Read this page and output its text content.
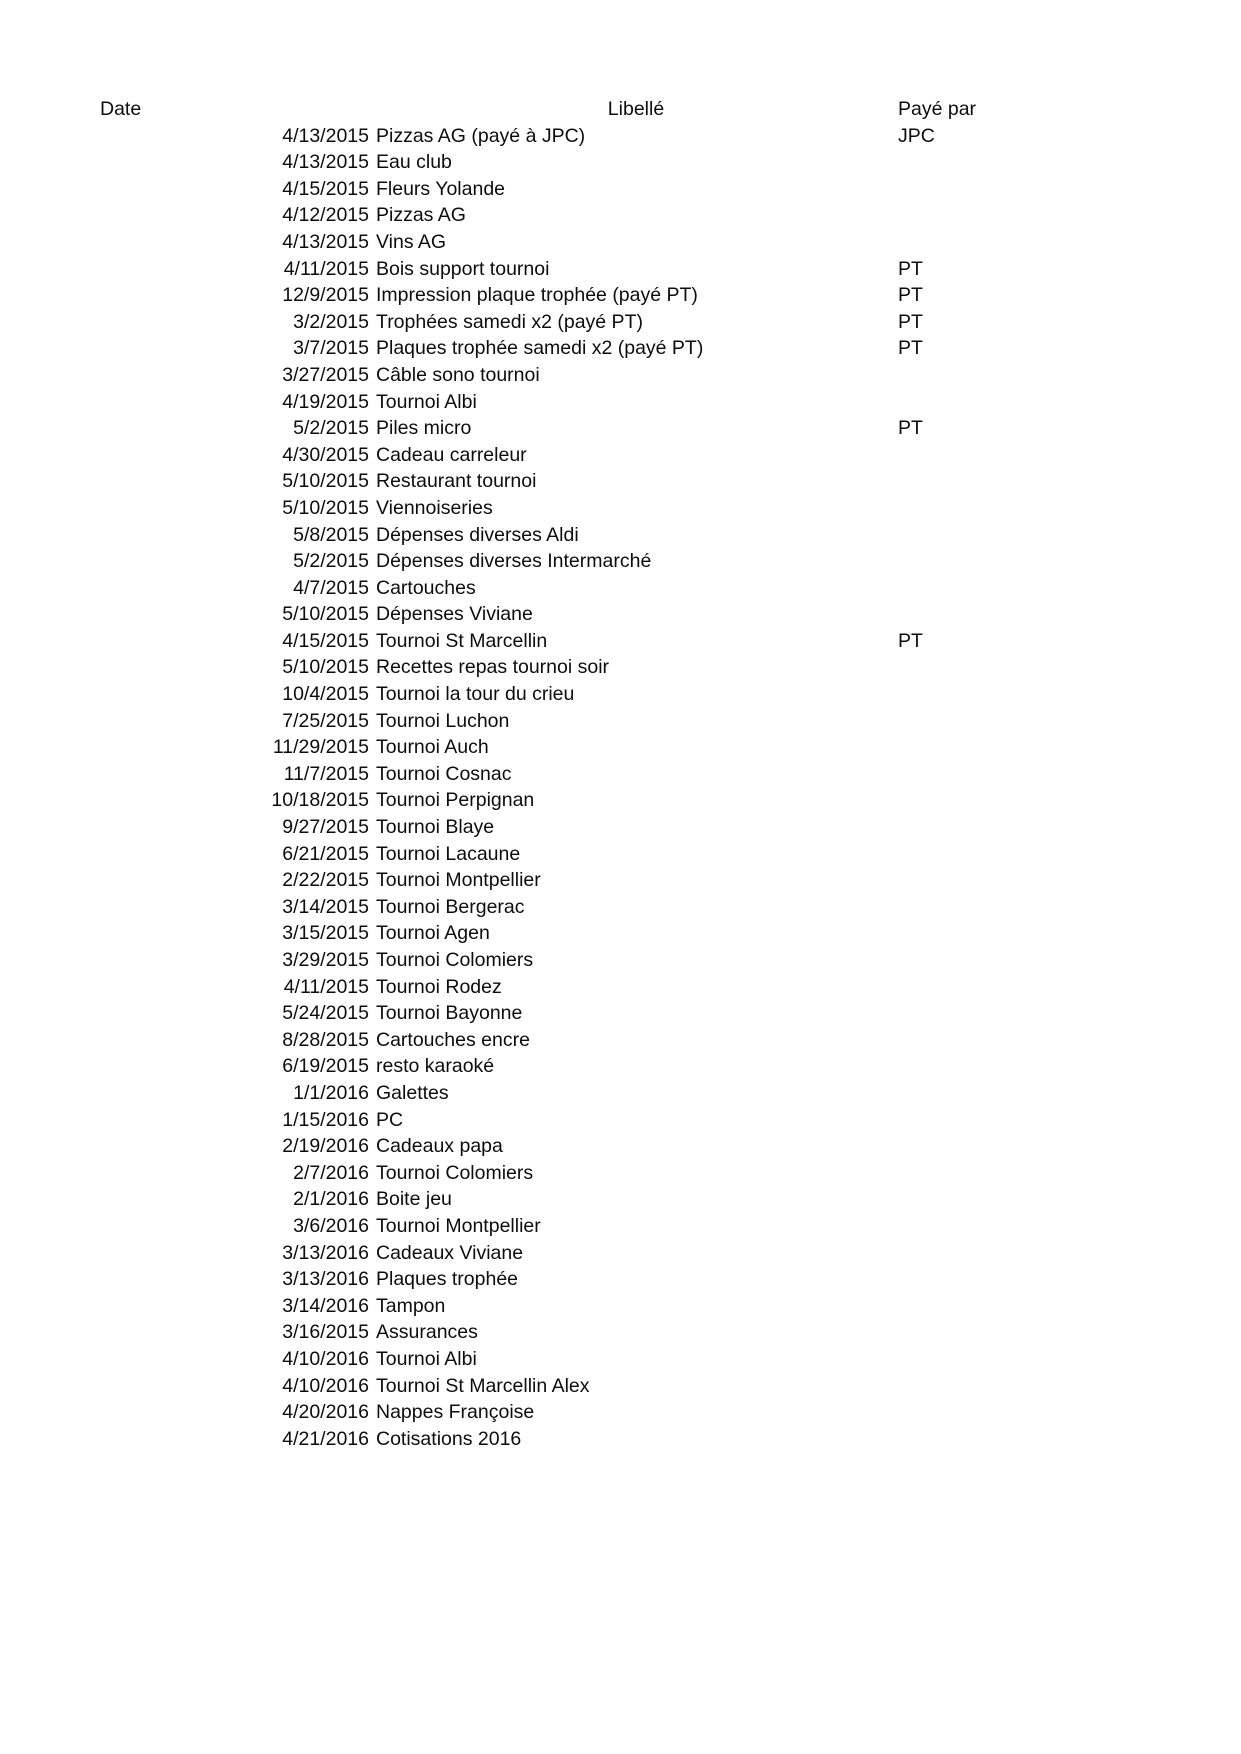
Date	Libellé	Payé par
4/13/2015	Pizzas AG (payé à JPC)	JPC
4/13/2015	Eau club	
4/15/2015	Fleurs Yolande	
4/12/2015	Pizzas AG	
4/13/2015	Vins AG	
4/11/2015	Bois support tournoi	PT
12/9/2015	Impression plaque trophée (payé PT)	PT
3/2/2015	Trophées samedi x2 (payé PT)	PT
3/7/2015	Plaques trophée samedi x2 (payé PT)	PT
3/27/2015	Câble sono tournoi	
4/19/2015	Tournoi Albi	
5/2/2015	Piles micro	PT
4/30/2015	Cadeau carreleur	
5/10/2015	Restaurant tournoi	
5/10/2015	Viennoiseries	
5/8/2015	Dépenses diverses Aldi	
5/2/2015	Dépenses diverses Intermarché	
4/7/2015	Cartouches	
5/10/2015	Dépenses Viviane	
4/15/2015	Tournoi St Marcellin	PT
5/10/2015	Recettes repas tournoi soir	
10/4/2015	Tournoi la tour du crieu	
7/25/2015	Tournoi Luchon	
11/29/2015	Tournoi Auch	
11/7/2015	Tournoi Cosnac	
10/18/2015	Tournoi Perpignan	
9/27/2015	Tournoi Blaye	
6/21/2015	Tournoi Lacaune	
2/22/2015	Tournoi Montpellier	
3/14/2015	Tournoi Bergerac	
3/15/2015	Tournoi Agen	
3/29/2015	Tournoi Colomiers	
4/11/2015	Tournoi Rodez	
5/24/2015	Tournoi Bayonne	
8/28/2015	Cartouches encre	
6/19/2015	resto karaoké	
1/1/2016	Galettes	
1/15/2016	PC	
2/19/2016	Cadeaux papa	
2/7/2016	Tournoi Colomiers	
2/1/2016	Boite jeu	
3/6/2016	Tournoi Montpellier	
3/13/2016	Cadeaux Viviane	
3/13/2016	Plaques trophée	
3/14/2016	Tampon	
3/16/2015	Assurances	
4/10/2016	Tournoi Albi	
4/10/2016	Tournoi St Marcellin Alex	
4/20/2016	Nappes Françoise	
4/21/2016	Cotisations 2016	
